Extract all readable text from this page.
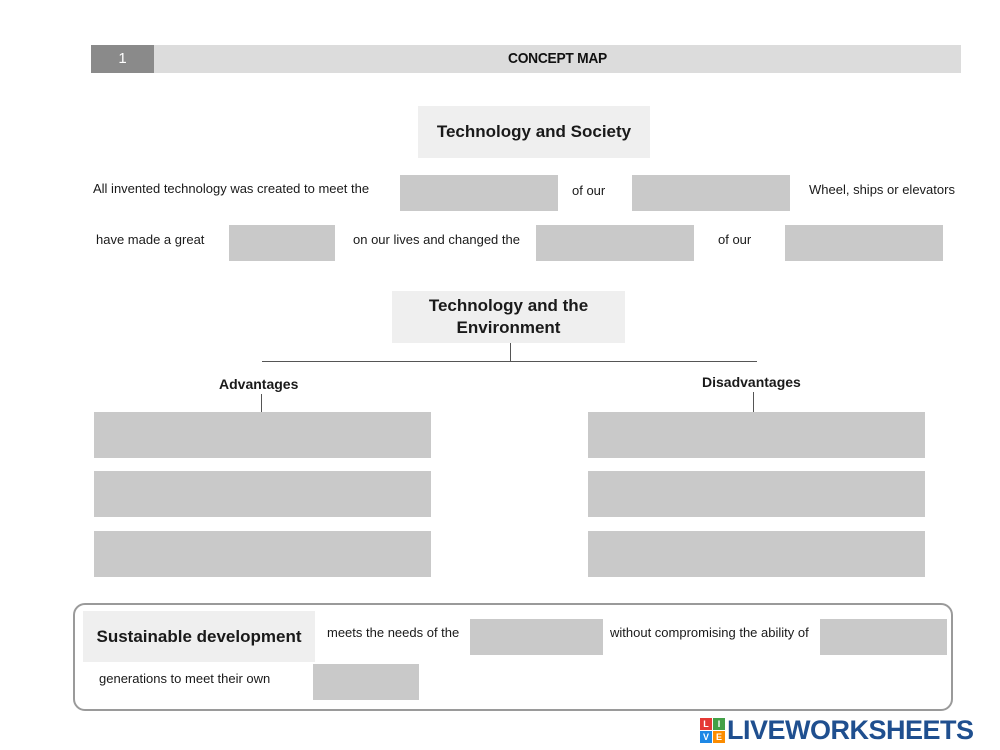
1	CONCEPT MAP
Technology and Society
All invented technology was created to meet the	of our	Wheel, ships or elevators
have made a great	on our lives and changed the	of our
Technology and the
Environment
Advantages	Disadvantages
Sustainable development	meets the needs of the	without compromising the ability of
generations to meet their own
L I
V E LIVEWORKSHEETS
